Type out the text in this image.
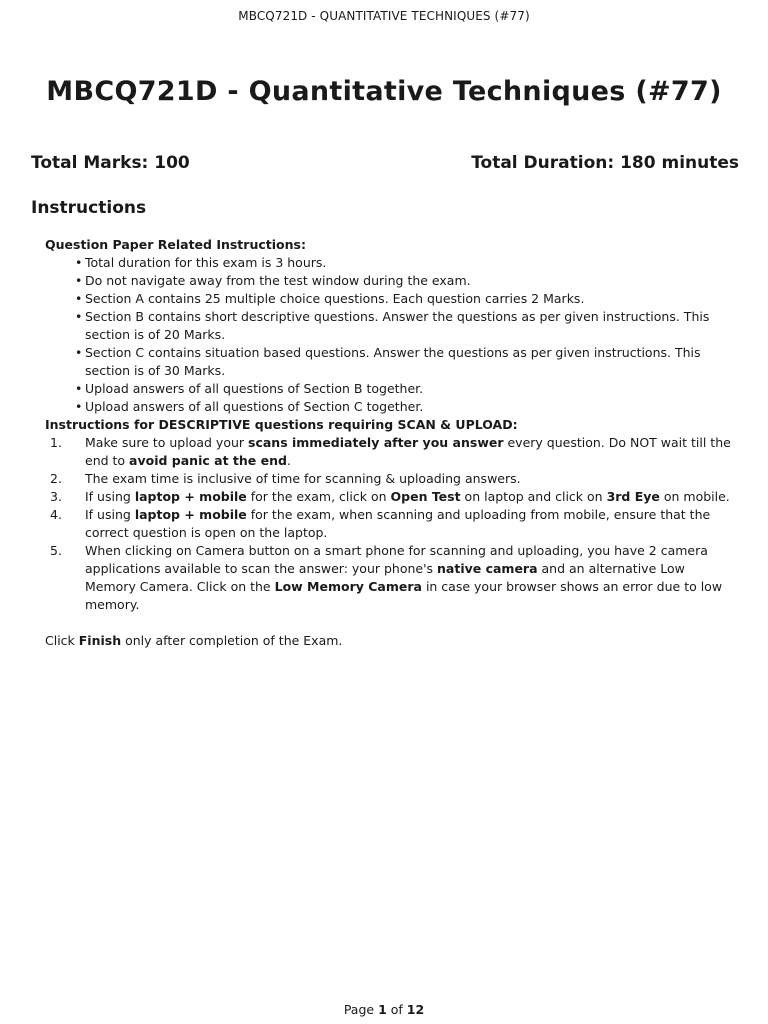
MBCQ721D - QUANTITATIVE TECHNIQUES (#77)
MBCQ721D - Quantitative Techniques (#77)
Total Marks: 100	Total Duration: 180 minutes
Instructions
Question Paper Related Instructions:
• Total duration for this exam is 3 hours.
• Do not navigate away from the test window during the exam.
• Section A contains 25 multiple choice questions. Each question carries 2 Marks.
• Section B contains short descriptive questions. Answer the questions as per given instructions. This section is of 20 Marks.
• Section C contains situation based questions. Answer the questions as per given instructions. This section is of 30 Marks.
• Upload answers of all questions of Section B together.
• Upload answers of all questions of Section C together.
Instructions for DESCRIPTIVE questions requiring SCAN & UPLOAD:
1.	Make sure to upload your scans immediately after you answer every question. Do NOT wait till the end to avoid panic at the end.
2.	The exam time is inclusive of time for scanning & uploading answers.
3.	If using laptop + mobile for the exam, click on Open Test on laptop and click on 3rd Eye on mobile.
4.	If using laptop + mobile for the exam, when scanning and uploading from mobile, ensure that the correct question is open on the laptop.
5.	When clicking on Camera button on a smart phone for scanning and uploading, you have 2 camera applications available to scan the answer: your phone's native camera and an alternative Low Memory Camera. Click on the Low Memory Camera in case your browser shows an error due to low memory.
Click Finish only after completion of the Exam.
Page 1 of 12
